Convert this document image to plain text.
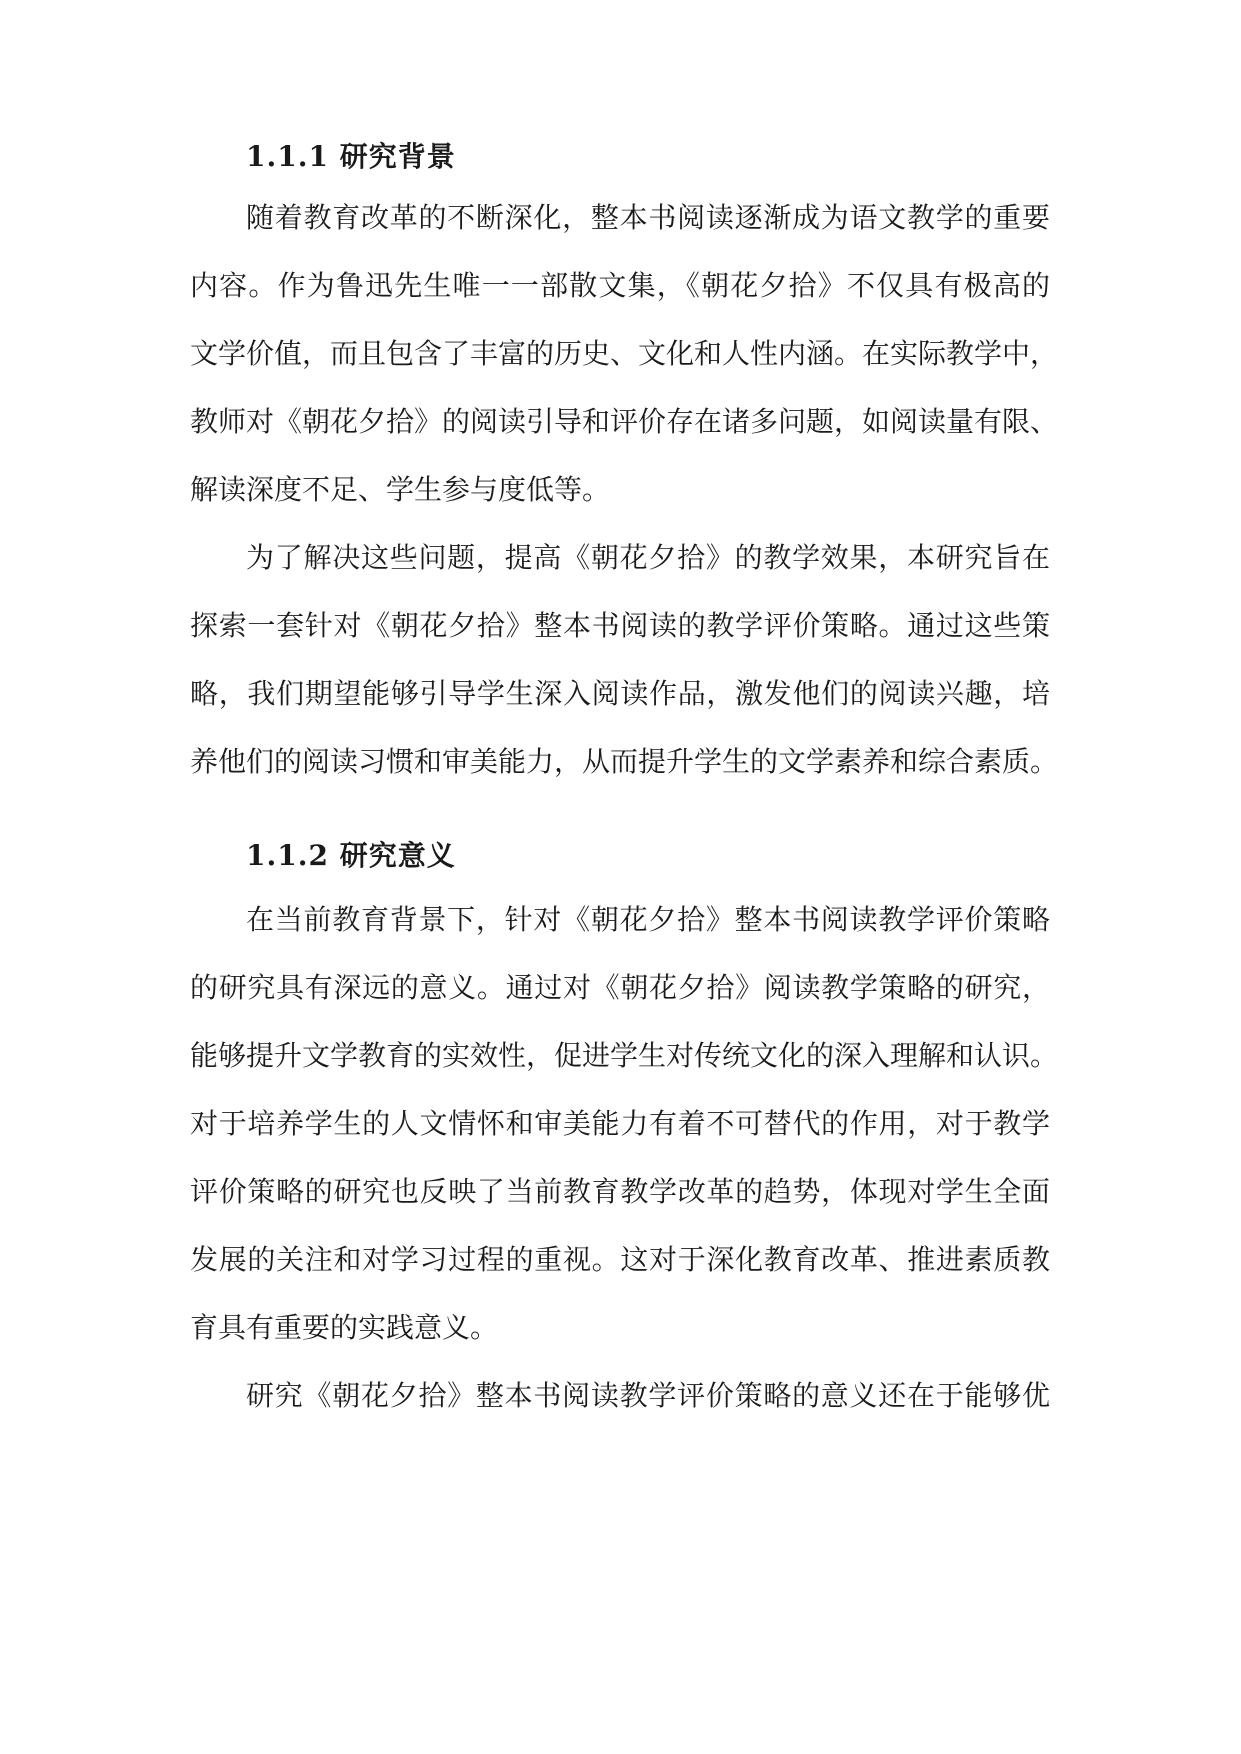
1.1.1 研究背景
随着教育改革的不断深化，整本书阅读逐渐成为语文教学的重要
内容。作为鲁迅先生唯一一部散文集，《朝花夕拾》不仅具有极高的
文学价值，而且包含了丰富的历史、文化和人性内涵。在实际教学中，
教师对《朝花夕拾》的阅读引导和评价存在诸多问题，如阅读量有限、
解读深度不足、学生参与度低等。
为了解决这些问题，提高《朝花夕拾》的教学效果，本研究旨在
探索一套针对《朝花夕拾》整本书阅读的教学评价策略。通过这些策
略，我们期望能够引导学生深入阅读作品，激发他们的阅读兴趣，培
养他们的阅读习惯和审美能力，从而提升学生的文学素养和综合素质。
1.1.2 研究意义
在当前教育背景下，针对《朝花夕拾》整本书阅读教学评价策略
的研究具有深远的意义。通过对《朝花夕拾》阅读教学策略的研究，
能够提升文学教育的实效性，促进学生对传统文化的深入理解和认识。
对于培养学生的人文情怀和审美能力有着不可替代的作用，对于教学
评价策略的研究也反映了当前教育教学改革的趋势，体现对学生全面
发展的关注和对学习过程的重视。这对于深化教育改革、推进素质教
育具有重要的实践意义。
研究《朝花夕拾》整本书阅读教学评价策略的意义还在于能够优
